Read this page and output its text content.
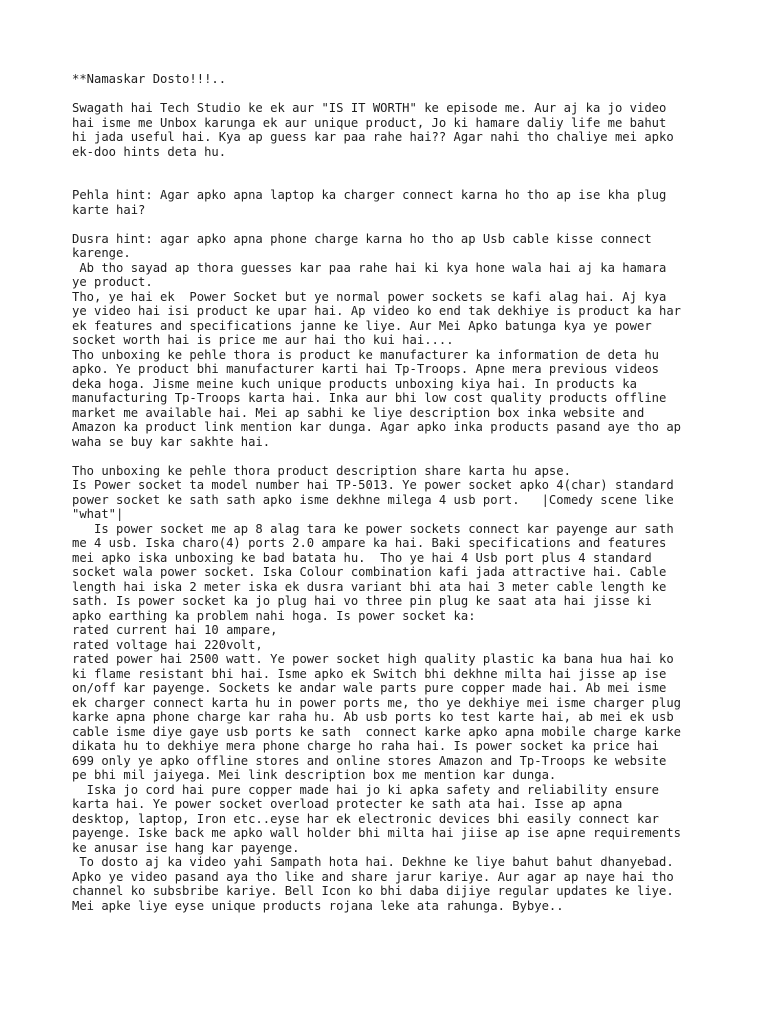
**Namaskar Dosto!!!..
Swagath hai Tech Studio ke ek aur "IS IT WORTH" ke episode me. Aur aj ka jo video
hai isme me Unbox karunga ek aur unique product, Jo ki hamare daliy life me bahut
hi jada useful hai. Kya ap guess kar paa rahe hai?? Agar nahi tho chaliye mei apko
ek-doo hints deta hu.
Pehla hint: Agar apko apna laptop ka charger connect karna ho tho ap ise kha plug
karte hai?
Dusra hint: agar apko apna phone charge karna ho tho ap Usb cable kisse connect
karenge.
Ab tho sayad ap thora guesses kar paa rahe hai ki kya hone wala hai aj ka hamara
ye product.
Tho, ye hai ek  Power Socket but ye normal power sockets se kafi alag hai. Aj kya
ye video hai isi product ke upar hai. Ap video ko end tak dekhiye is product ka har
ek features and specifications janne ke liye. Aur Mei Apko batunga kya ye power
socket worth hai is price me aur hai tho kui hai....
Tho unboxing ke pehle thora is product ke manufacturer ka information de deta hu
apko. Ye product bhi manufacturer karti hai Tp-Troops. Apne mera previous videos
deka hoga. Jisme meine kuch unique products unboxing kiya hai. In products ka
manufacturing Tp-Troops karta hai. Inka aur bhi low cost quality products offline
market me available hai. Mei ap sabhi ke liye description box inka website and
Amazon ka product link mention kar dunga. Agar apko inka products pasand aye tho ap
waha se buy kar sakhte hai.
Tho unboxing ke pehle thora product description share karta hu apse.
Is Power socket ta model number hai TP-5013. Ye power socket apko 4(char) standard
power socket ke sath sath apko isme dekhne milega 4 usb port.   |Comedy scene like
"what"|
Is power socket me ap 8 alag tara ke power sockets connect kar payenge aur sath
me 4 usb. Iska charo(4) ports 2.0 ampare ka hai. Baki specifications and features
mei apko iska unboxing ke bad batata hu.  Tho ye hai 4 Usb port plus 4 standard
socket wala power socket. Iska Colour combination kafi jada attractive hai. Cable
length hai iska 2 meter iska ek dusra variant bhi ata hai 3 meter cable length ke
sath. Is power socket ka jo plug hai vo three pin plug ke saat ata hai jisse ki
apko earthing ka problem nahi hoga. Is power socket ka:
rated current hai 10 ampare,
rated voltage hai 220volt,
rated power hai 2500 watt. Ye power socket high quality plastic ka bana hua hai ko
ki flame resistant bhi hai. Isme apko ek Switch bhi dekhne milta hai jisse ap ise
on/off kar payenge. Sockets ke andar wale parts pure copper made hai. Ab mei isme
ek charger connect karta hu in power ports me, tho ye dekhiye mei isme charger plug
karke apna phone charge kar raha hu. Ab usb ports ko test karte hai, ab mei ek usb
cable isme diye gaye usb ports ke sath  connect karke apko apna mobile charge karke
dikata hu to dekhiye mera phone charge ho raha hai. Is power socket ka price hai
699 only ye apko offline stores and online stores Amazon and Tp-Troops ke website
pe bhi mil jaiyega. Mei link description box me mention kar dunga.
Iska jo cord hai pure copper made hai jo ki apka safety and reliability ensure
karta hai. Ye power socket overload protecter ke sath ata hai. Isse ap apna
desktop, laptop, Iron etc..eyse har ek electronic devices bhi easily connect kar
payenge. Iske back me apko wall holder bhi milta hai jiise ap ise apne requirements
ke anusar ise hang kar payenge.
To dosto aj ka video yahi Sampath hota hai. Dekhne ke liye bahut bahut dhanyebad.
Apko ye video pasand aya tho like and share jarur kariye. Aur agar ap naye hai tho
channel ko subsbribe kariye. Bell Icon ko bhi daba dijiye regular updates ke liye.
Mei apke liye eyse unique products rojana leke ata rahunga. Bybye..
